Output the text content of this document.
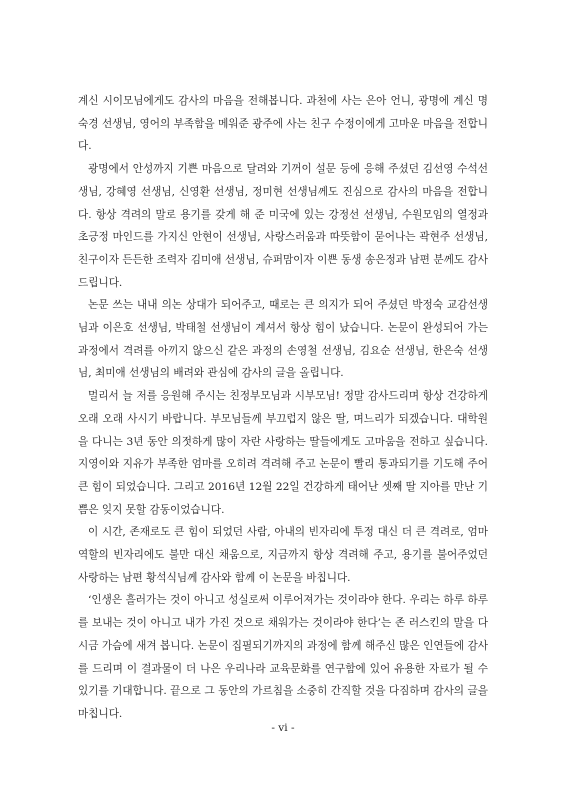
계신 시이모님에게도 감사의 마음을 전해봅니다. 과천에 사는 은아 언니, 광명에 계신 명숙경 선생님, 영어의 부족함을 메워준 광주에 사는 친구 수정이에게 고마운 마음을 전합니다.

광명에서 안성까지 기쁜 마음으로 달려와 기꺼이 설문 등에 응해 주셨던 김선영 수석선생님, 강혜영 선생님, 신영환 선생님, 정미현 선생님께도 진심으로 감사의 마음을 전합니다. 항상 격려의 말로 용기를 갖게 해 준 미국에 있는 강정선 선생님, 수원모임의 열정과 초긍정 마인드를 가지신 안현이 선생님, 사랑스러움과 따뜻함이 묻어나는 곽현주 선생님, 친구이자 든든한 조력자 김미애 선생님, 슈퍼맘이자 이쁜 동생 송은정과 남편 분께도 감사드립니다.

논문 쓰는 내내 의논 상대가 되어주고, 때로는 큰 의지가 되어 주셨던 박정숙 교감선생님과 이은호 선생님, 박태철 선생님이 계셔서 항상 힘이 났습니다. 논문이 완성되어 가는 과정에서 격려를 아끼지 않으신 같은 과정의 손영철 선생님, 김요순 선생님, 한은숙 선생님, 최미애 선생님의 배려와 관심에 감사의 글을 올립니다.

멀리서 늘 저를 응원해 주시는 친정부모님과 시부모님! 정말 감사드리며 항상 건강하게 오래 오래 사시기 바랍니다. 부모님들께 부끄럽지 않은 딸, 며느리가 되겠습니다. 대학원을 다니는 3년 동안 의젓하게 많이 자란 사랑하는 딸들에게도 고마움을 전하고 싶습니다. 지영이와 지유가 부족한 엄마를 오히려 격려해 주고 논문이 빨리 통과되기를 기도해 주어 큰 힘이 되었습니다. 그리고 2016년 12월 22일 건강하게 태어난 셋째 딸 지아를 만난 기쁨은 잊지 못할 감동이었습니다.

이 시간, 존재로도 큰 힘이 되었던 사람, 아내의 빈자리에 투정 대신 더 큰 격려로, 엄마 역할의 빈자리에도 불만 대신 채움으로, 지금까지 항상 격려해 주고, 용기를 불어주었던 사랑하는 남편 황석식님께 감사와 함께 이 논문을 바칩니다.

‘인생은 흘러가는 것이 아니고 성실로써 이루어져가는 것이라야 한다. 우리는 하루 하루를 보내는 것이 아니고 내가 가진 것으로 채워가는 것이라야 한다’는 존 러스킨의 말을 다시금 가슴에 새겨 봅니다. 논문이 집필되기까지의 과정에 함께 해주신 많은 인연들에 감사를 드리며 이 결과물이 더 나은 우리나라 교육문화를 연구함에 있어 유용한 자료가 될 수 있기를 기대합니다. 끝으로 그 동안의 가르침을 소중히 간직할 것을 다짐하며 감사의 글을 마칩니다.

- vi -
